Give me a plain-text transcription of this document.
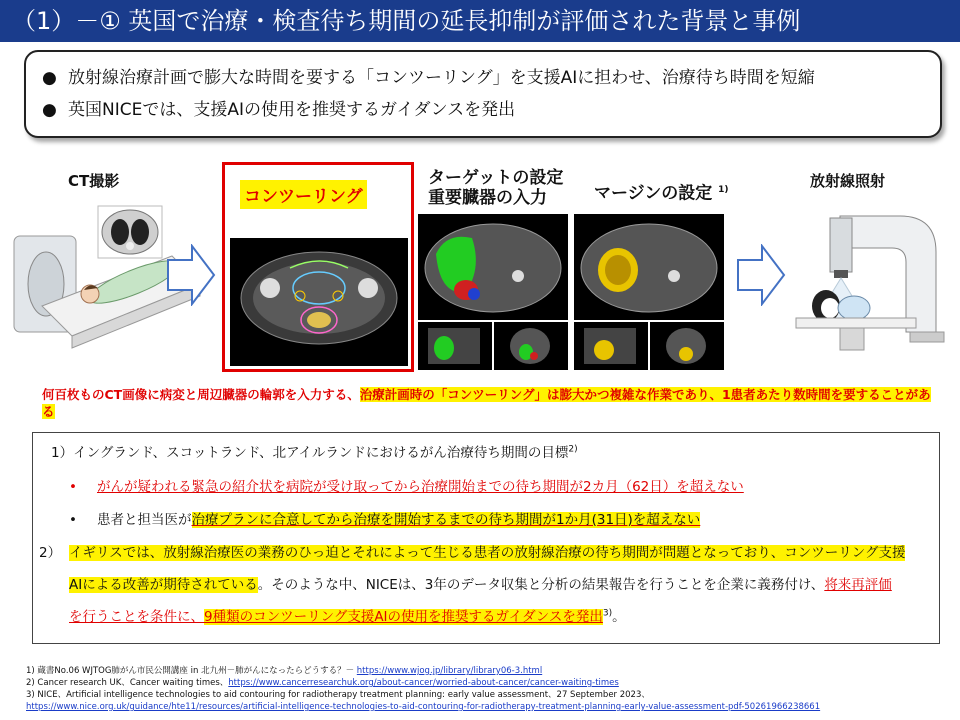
（1）－① 英国で治療・検査待ち期間の延長抑制が評価された背景と事例
● 放射線治療計画で膨大な時間を要する「コンツーリング」を支援AIに担わせ、治療待ち時間を短縮
● 英国NICEでは、支援AIの使用を推奨するガイダンスを発出
CT撮影
コンツーリング
ターゲットの設定
重要臓器の入力	マージンの設定 $^{1)}$	放射線照射
何百枚ものCT画像に病変と周辺臓器の輪郭を入力する、治療計画時の「コンツーリング」は膨大かつ複雑な作業であり、1患者あたり数時間を要することがある
1）イングランド、スコットランド、北アイルランドにおけるがん治療待ち期間の目標$^{2)}$
• がんが疑われる緊急の紹介状を病院が受け取ってから治療開始までの待ち期間が2カ月（62日）を超えない
• 患者と担当医が治療プランに合意してから治療を開始するまでの待ち期間が1か月(31日)を超えない
2） イギリスでは、放射線治療医の業務のひっ迫とそれによって生じる患者の放射線治療の待ち期間が問題となっており、コンツーリング支援
AIによる改善が期待されている。そのような中、NICEは、3年のデータ収集と分析の結果報告を行うことを企業に義務付け、将来再評価
を行うことを条件に、9種類のコンツーリング支援AIの使用を推奨するガイダンスを発出$^{3)}$。
1) 蔵書No.06 WJTOG肺がん市民公開講座 in 北九州－肺がんになったらどうする？－ https://www.wjog.jp/library/library06-3.html
2) Cancer research UK、Cancer waiting times、https://www.cancerresearchuk.org/about-cancer/worried-about-cancer/cancer-waiting-times
3) NICE、Artificial intelligence technologies to aid contouring for radiotherapy treatment planning: early value assessment、27 September 2023、
https://www.nice.org.uk/guidance/hte11/resources/artificial-intelligence-technologies-to-aid-contouring-for-radiotherapy-treatment-planning-early-value-assessment-pdf-50261966238661
